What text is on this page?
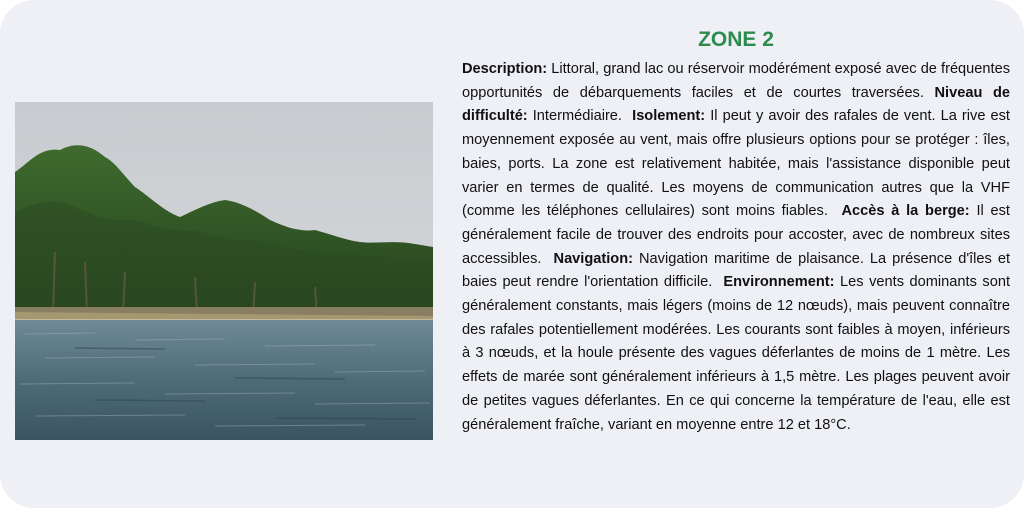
ZONE 2

Description: Littoral, grand lac ou réservoir modérément exposé avec de fréquentes opportunités de débarquements faciles et de courtes traversées. Niveau de difficulté: Intermédiaire. Isolement: Il peut y avoir des rafales de vent. La rive est moyennement exposée au vent, mais offre plusieurs options pour se protéger : îles, baies, ports. La zone est relativement habitée, mais l'assistance disponible peut varier en termes de qualité. Les moyens de communication autres que la VHF (comme les téléphones cellulaires) sont moins fiables. Accès à la berge: Il est généralement facile de trouver des endroits pour accoster, avec de nombreux sites accessibles. Navigation: Navigation maritime de plaisance. La présence d'îles et baies peut rendre l'orientation difficile. Environnement: Les vents dominants sont généralement constants, mais légers (moins de 12 nœuds), mais peuvent connaître des rafales potentiellement modérées. Les courants sont faibles à moyen, inférieurs à 3 nœuds, et la houle présente des vagues déferlantes de moins de 1 mètre. Les effets de marée sont généralement inférieurs à 1,5 mètre. Les plages peuvent avoir de petites vagues déferlantes. En ce qui concerne la température de l'eau, elle est généralement fraîche, variant en moyenne entre 12 et 18°C.
